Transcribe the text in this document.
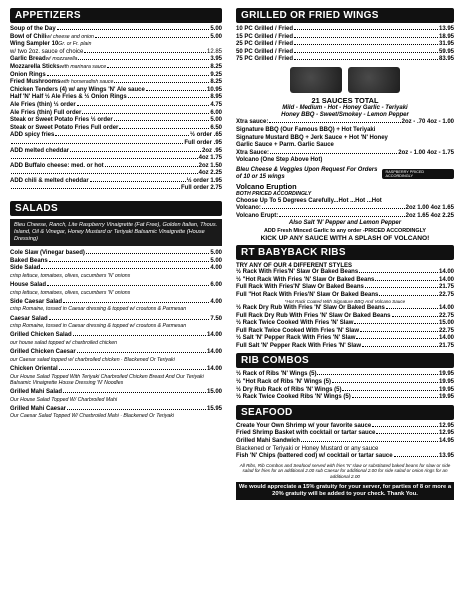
APPETIZERS
Soup of the Day	5.00
Bowl of Chili w/ cheese and onion	5.00
Wing Sampler 10 Gr. or Fr. plain
w/ two 2oz. sauce of choice	12.85
Garlic Bread w/ mozzarella	3.95
Mozzarella Sticks with marinara sauce	8.25
Onion Rings	9.25
Fried Mushrooms with horseradish sauce	8.25
Chicken Tenders (4) w/ any Wings 'N' Ale sauce	10.95
Half 'N' Half ½ Ale Fries & ½ Onion Rings	8.95
Ale Fries (thin) ½ order	4.75
Ale Fries (thin) Full order	6.00
Steak or Sweet Potato Fries ½ order	5.00
Steak or Sweet Potato Fries Full order	6.50
ADD spicy fries	½ order .65
Full order .95
ADD melted cheddar	2oz .95
4oz 1.75
ADD Buffalo cheese: med. or hot	2oz 1.50
4oz 2.25
ADD chili & melted cheddar	½ order 1.95
Full order 2.75
SALADS
Bleu Cheese, Ranch, Lite Raspberry Vinaigrette (Fat Free), Golden Italian, Thous. Island, Oil & Vinegar, Honey Mustard or Teriyaki Balsamic Vinaigrette (House Dressing)
Cole Slaw (Vinegar based)	5.00
Baked Beans	5.00
Side Salad	4.00
crisp lettuce, tomatoes, olives, cucumbers 'N' onions
House Salad	6.00
crisp lettuce, tomatoes, olives, cucumbers 'N' onions
Side Caesar Salad	4.00
crisp Romaine, tossed in Caesar dressing & topped w/ croutons & Parmesan
Caesar Salad	7.50
crisp Romaine, tossed in Caesar dressing & topped w/ croutons & Parmesan
Grilled Chicken Salad	14.00
our house salad topped w/ charbroiled chicken
Grilled Chicken Caesar	14.00
our Caesar salad topped w/ charbroiled chicken · Blackened Or Teriyaki
Chicken Oriental	14.00
Our House Salad Topped With Teriyaki Charbroiled Chicken Breast And Our Teriyaki Balsamic Vinaigrette House Dressing 'N' Noodles
Grilled Mahi Salad	15.00
Our House Salad Topped W/ Charbroiled Mahi
Grilled Mahi Caesar	15.95
Our Caesar Salad Topped W/ Charbroiled Mahi · Blackened Or Teriyaki
GRILLED OR FRIED WINGS
10 PC Grilled / Fried	13.95
15 PC Grilled / Fried	18.95
25 PC Grilled / Fried	31.95
50 PC Grilled / Fried	59.95
75 PC Grilled / Fried	83.95
21 SAUCES TOTAL
Mild - Medium - Hot - Honey Garlic - Teriyaki
Honey BBQ - Sweet/Smokey - Lemon Pepper
Xtra sauce:	2oz - .70 4oz - 1.00
Signature BBQ (Our Famous BBQ) + Hot Teriyaki
Signature Mustard BBQ + Jerk Sauce + Hot 'N' Honey
Garlic Sauce + Parm. Garlic Sauce
Xtra Sauce:	2oz - 1.00 4oz - 1.75
Volcano (One Step Above Hot)
Bleu Cheese & Veggies Upon Request For Orders of 10 or 15 wings
RASPBERRY PRICED ACCORDINGLY
Volcano Eruption
BOTH PRICED ACCORDINGLY
Choose Up To 5 Degrees Carefully...Hot ...Hot ...Hot
Volcano:	2oz 1.00 4oz 1.65
Volcano Erupt:	2oz 1.65 4oz 2.25
Also Salt 'N' Pepper and Lemon Pepper
ADD Fresh Minced Garlic to any order -PRICED ACCORDINGLY
KICK UP ANY SAUCE WITH A SPLASH OF VOLCANO!
RT BABYBACK RIBS
TRY ANY OF OUR 4 DIFFERENT STYLES
½ Rack With Fries'N' Slaw Or Baked Beans	14.00
½ "Hot Rack With Fries 'N' Slaw Or Baked Beans	14.00
Full Rack With Fries'N' Slaw Or Baked Beans	21.75
Full "Hot Rack With Fries'N' Slaw Or Baked Beans	22.75
*Hot Rack Coated With Signature BBQ And Volcano Sauce
½ Rack Dry Rub With Fries 'N' Slaw Or Baked Beans	14.00
Full Rack Dry Rub With Fries 'N' Slaw Or Baked Beans	22.75
½ Rack Twice Cooked With Fries 'N' Slaw	15.00
Full Rack Twice Cooked With Fries 'N' Slaw	22.75
½ Salt 'N' Pepper Rack With Fries 'N' Slaw	14.00
Full Salt 'N' Pepper Rack With Fries 'N' Slaw	21.75
RIB COMBOS
½ Rack of Ribs 'N' Wings (5)	19.95
½ "Hot Rack of Ribs 'N' Wings (5)	19.95
½ Dry Rub Rack of Ribs 'N' Wings (5)	19.95
½ Rack Twice Cooked Ribs 'N' Wings (5)	19.95
SEAFOOD
Create Your Own Shrimp w/ your favorite sauce	12.95
Fried Shrimp Basket with cocktail or tartar sauce	12.95
Grilled Mahi Sandwich	14.95
Blackened or Teriyaki or Honey Mustard or any sauce
Fish 'N' Chips (battered cod) w/ cocktail or tartar sauce	13.95
All Ribs, Rib Combos and Seafood served with fries 'N' slaw or substituted baked beans for slaw or side salad for fries for an additional 2.00 sub Caesar for additional 2.00 for side salad or onion rings for an additional 2.00
We would appreciate a 15% gratuity for your server, for parties of 8 or more a 20% gratuity will be added to your check. Thank You.
